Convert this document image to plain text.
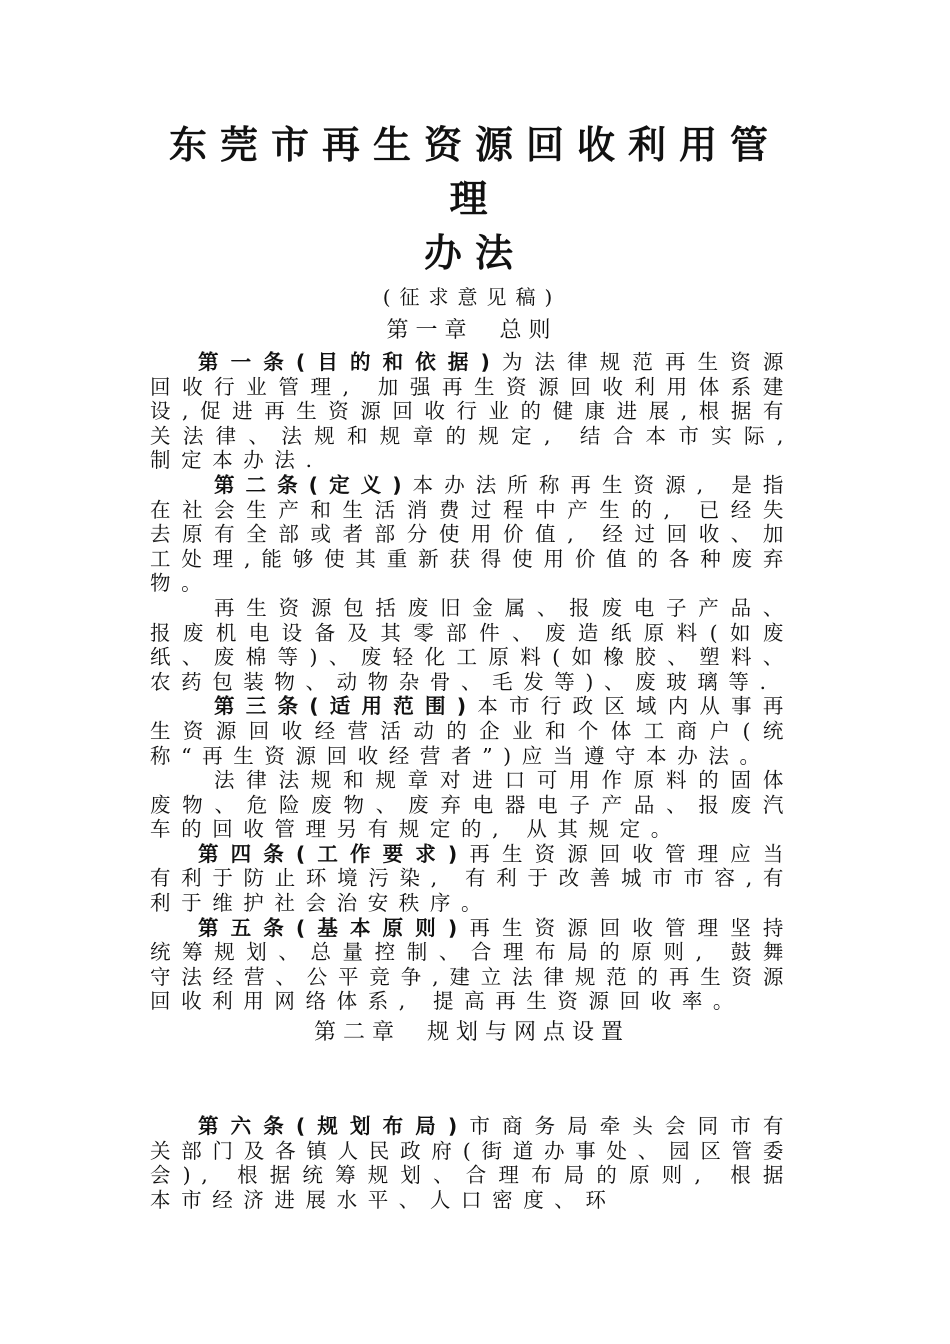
东莞市再生资源回收利用管理
办法
(征求意见稿)
第一章 总则

第一条(目的和依据)为法律规范再生资源回收行业管理, 加强再生资源回收利用体系建设,促进再生资源回收行业的健康进展,根据有关法律、法规和规章的规定, 结合本市实际, 制定本办法.

第二条(定义)本办法所称再生资源, 是指在社会生产和生活消费过程中产生的, 已经失去原有全部或者部分使用价值, 经过回收、加工处理,能够使其重新获得使用价值的各种废弃物。

再生资源包括废旧金属、报废电子产品、报废机电设备及其零部件、废造纸原料(如废纸、废棉等)、废轻化工原料(如橡胶、塑料、农药包装物、动物杂骨、毛发等)、废玻璃等.

第三条(适用范围)本市行政区域内从事再生资源回收经营活动的企业和个体工商户(统称“再生资源回收经营者”)应当遵守本办法。

法律法规和规章对进口可用作原料的固体废物、危险废物、废弃电器电子产品、报废汽车的回收管理另有规定的, 从其规定。

第四条(工作要求)再生资源回收管理应当有利于防止环境污染, 有利于改善城市市容,有利于维护社会治安秩序。

第五条(基本原则)再生资源回收管理坚持统筹规划、总量控制、合理布局的原则, 鼓舞守法经营、公平竞争,建立法律规范的再生资源回收利用网络体系, 提高再生资源回收率。

第二章 规划与网点设置

第六条(规划布局)市商务局牵头会同市有关部门及各镇人民政府(街道办事处、园区管委会), 根据统筹规划、合理布局的原则, 根据本市经济进展水平、人口密度、环
